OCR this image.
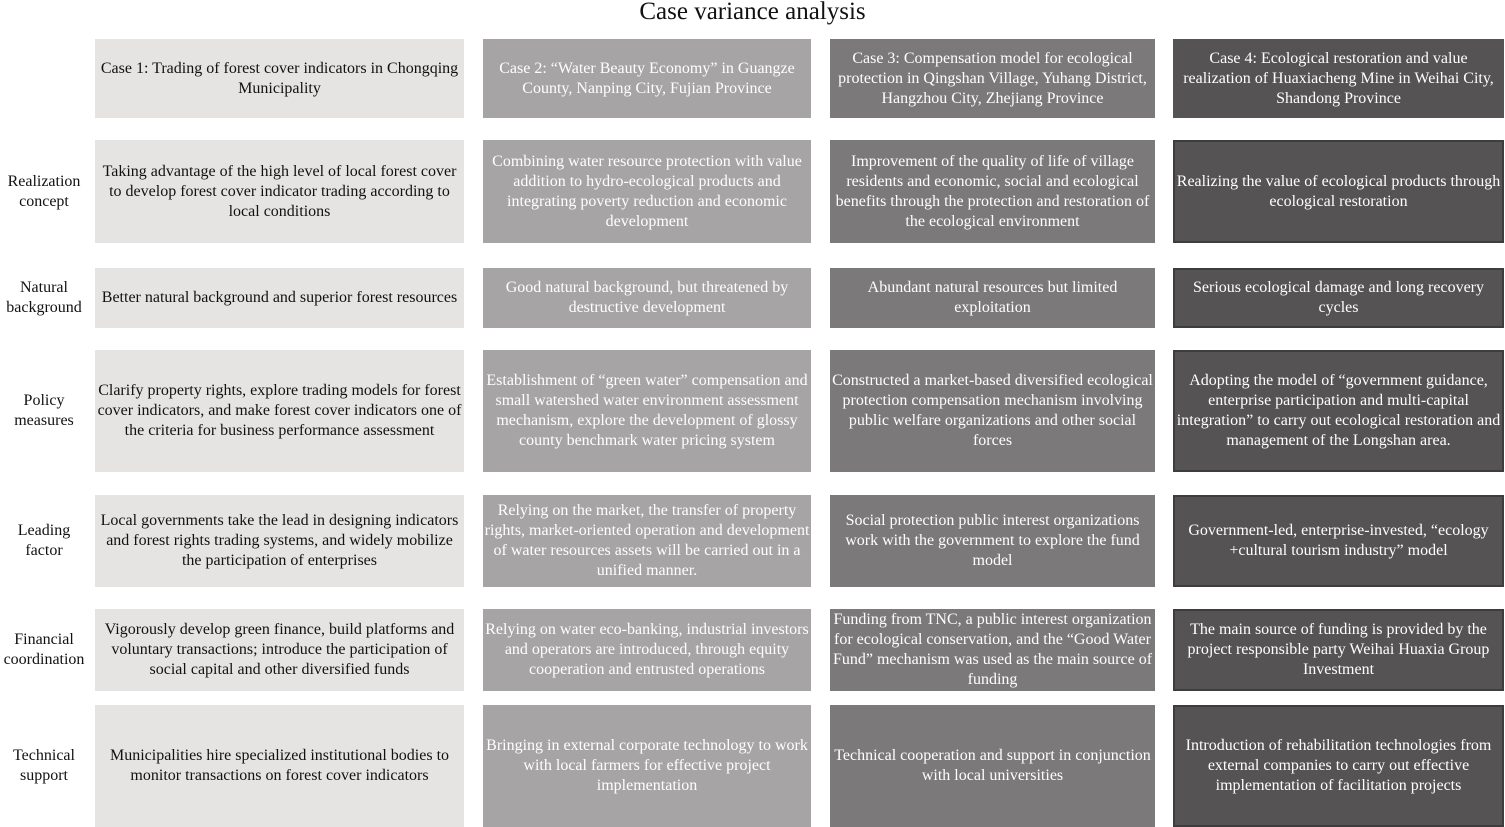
Case variance analysis
Case 1: Trading of forest cover indicators in Chongqing Municipality
Case 2: “Water Beauty Economy” in Guangze County, Nanping City, Fujian Province
Case 3: Compensation model for ecological protection in Qingshan Village, Yuhang District, Hangzhou City, Zhejiang Province
Case 4: Ecological restoration and value realization of Huaxiacheng Mine in Weihai City, Shandong Province
Realization concept
Taking advantage of the high level of local forest cover to develop forest cover indicator trading according to local conditions
Combining water resource protection with value addition to hydro-ecological products and integrating poverty reduction and economic development
Improvement of the quality of life of village residents and economic, social and ecological benefits through the protection and restoration of the ecological environment
Realizing the value of ecological products through ecological restoration
Natural background
Better natural background and superior forest resources
Good natural background, but threatened by destructive development
Abundant natural resources but limited exploitation
Serious ecological damage and long recovery cycles
Policy measures
Clarify property rights, explore trading models for forest cover indicators, and make forest cover indicators one of the criteria for business performance assessment
Establishment of “green water” compensation and small watershed water environment assessment mechanism, explore the development of glossy county benchmark water pricing system
Constructed a market-based diversified ecological protection compensation mechanism involving public welfare organizations and other social forces
Adopting the model of “government guidance, enterprise participation and multi-capital integration” to carry out ecological restoration and management of the Longshan area.
Leading factor
Local governments take the lead in designing indicators and forest rights trading systems, and widely mobilize the participation of enterprises
Relying on the market, the transfer of property rights, market-oriented operation and development of water resources assets will be carried out in a unified manner.
Social protection public interest organizations work with the government to explore the fund model
Government-led, enterprise-invested, “ecology +cultural tourism industry” model
Financial coordination
Vigorously develop green finance, build platforms and voluntary transactions; introduce the participation of social capital and other diversified funds
Relying on water eco-banking, industrial investors and operators are introduced, through equity cooperation and entrusted operations
Funding from TNC, a public interest organization for ecological conservation, and the “Good Water Fund” mechanism was used as the main source of funding
The main source of funding is provided by the project responsible party Weihai Huaxia Group Investment
Technical support
Municipalities hire specialized institutional bodies to monitor transactions on forest cover indicators
Bringing in external corporate technology to work with local farmers for effective project implementation
Technical cooperation and support in conjunction with local universities
Introduction of rehabilitation technologies from external companies to carry out effective implementation of facilitation projects
